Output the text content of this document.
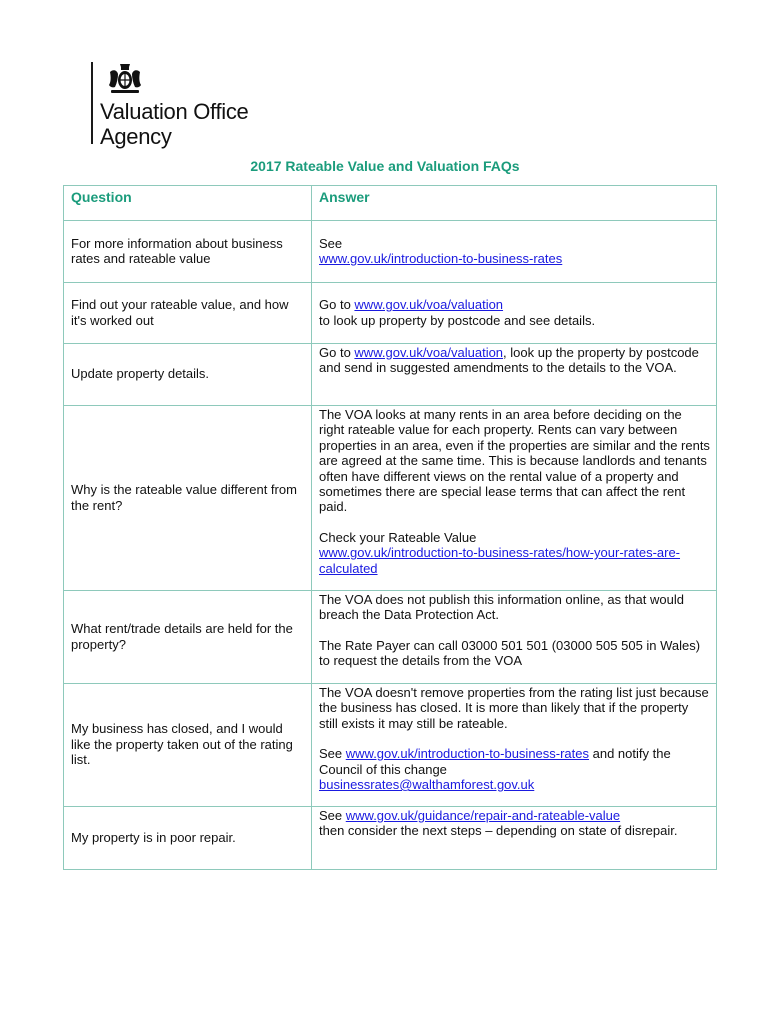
Valuation Office
Agency
2017 Rateable Value and Valuation FAQs
Question	Answer
For more information about business rates and rateable value	See
www.gov.uk/introduction-to-business-rates
Find out your rateable value, and how it's worked out	Go to www.gov.uk/voa/valuation
to look up property by postcode and see details.
Update property details.	Go to www.gov.uk/voa/valuation, look up the property by postcode and send in suggested amendments to the details to the VOA.
Why is the rateable value different from the rent?	The VOA looks at many rents in an area before deciding on the right rateable value for each property. Rents can vary between properties in an area, even if the properties are similar and the rents are agreed at the same time. This is because landlords and tenants often have different views on the rental value of a property and sometimes there are special lease terms that can affect the rent paid.
Check your Rateable Value
www.gov.uk/introduction-to-business-rates/how-your-rates-are-calculated
What rent/trade details are held for the property?	The VOA does not publish this information online, as that would breach the Data Protection Act.
The Rate Payer can call 03000 501 501 (03000 505 505 in Wales) to request the details from the VOA
My business has closed, and I would like the property taken out of the rating list.	The VOA doesn't remove properties from the rating list just because the business has closed. It is more than likely that if the property still exists it may still be rateable.
See www.gov.uk/introduction-to-business-rates and notify the Council of this change
businessrates@walthamforest.gov.uk
My property is in poor repair.	See www.gov.uk/guidance/repair-and-rateable-value
then consider the next steps – depending on state of disrepair.
